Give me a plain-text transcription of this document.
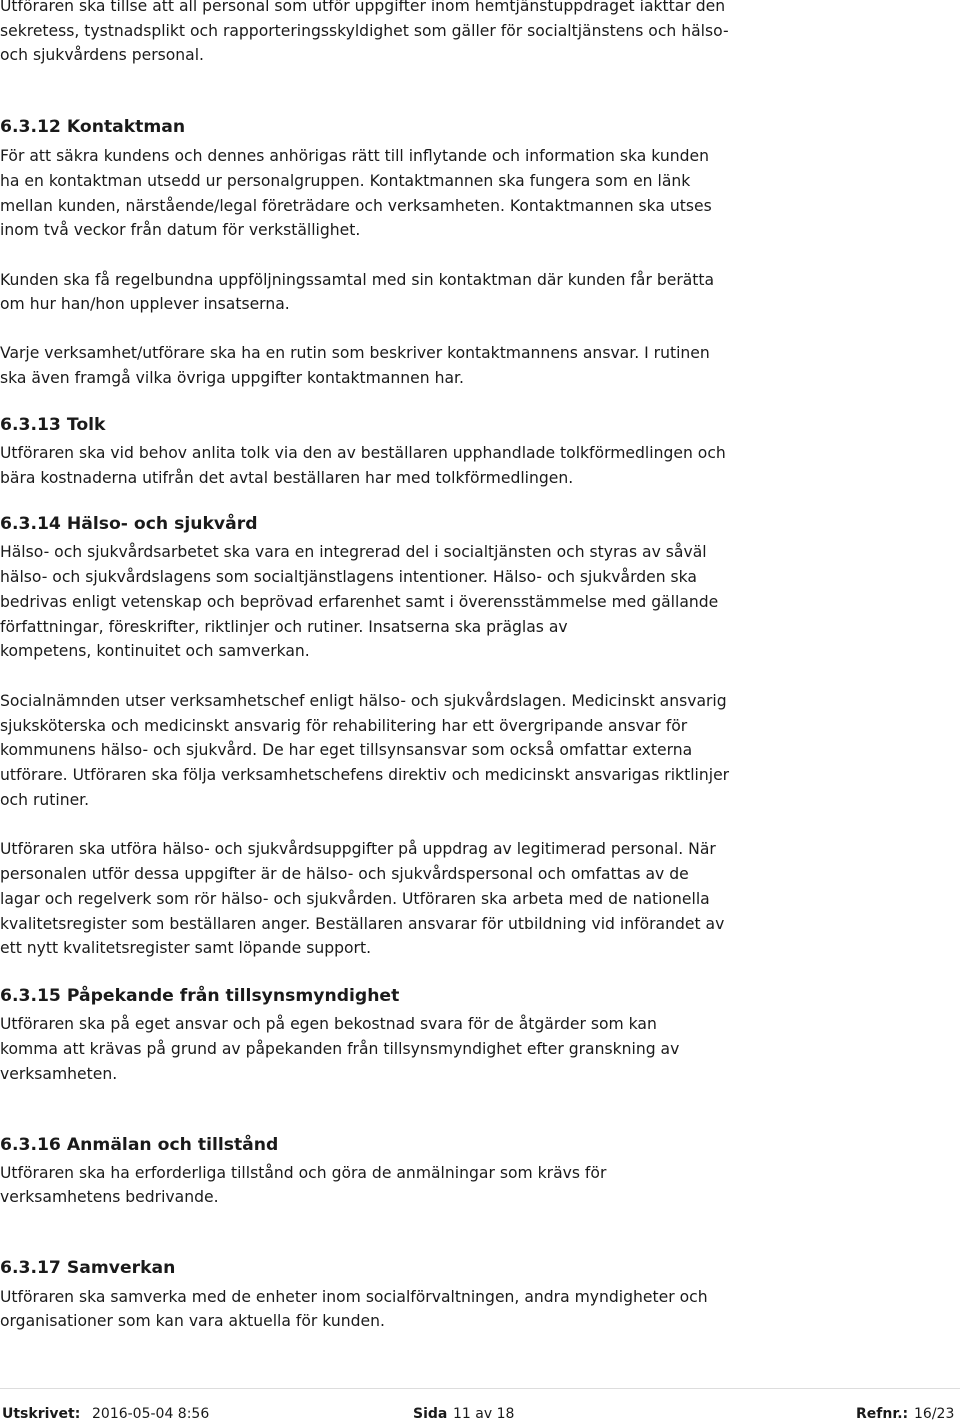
Utföraren ska tillse att all personal som utför uppgifter inom hemtjänstuppdraget iakttar den
sekretess, tystnadsplikt och rapporteringsskyldighet som gäller för socialtjänstens och hälso-
och sjukvårdens personal.
6.3.12 Kontaktman
För att säkra kundens och dennes anhörigas rätt till inflytande och information ska kunden
ha en kontaktman utsedd ur personalgruppen. Kontaktmannen ska fungera som en länk
mellan kunden, närstående/legal företrädare och verksamheten. Kontaktmannen ska utses
inom två veckor från datum för verkställighet.
Kunden ska få regelbundna uppföljningssamtal med sin kontaktman där kunden får berätta
om hur han/hon upplever insatserna.
Varje verksamhet/utförare ska ha en rutin som beskriver kontaktmannens ansvar. I rutinen
ska även framgå vilka övriga uppgifter kontaktmannen har.
6.3.13 Tolk
Utföraren ska vid behov anlita tolk via den av beställaren upphandlade tolkförmedlingen och
bära kostnaderna utifrån det avtal beställaren har med tolkförmedlingen.
6.3.14 Hälso- och sjukvård
Hälso- och sjukvårdsarbetet ska vara en integrerad del i socialtjänsten och styras av såväl
hälso- och sjukvårdslagens som socialtjänstlagens intentioner. Hälso- och sjukvården ska
bedrivas enligt vetenskap och beprövad erfarenhet samt i överensstämmelse med gällande
författningar, föreskrifter, riktlinjer och rutiner. Insatserna ska präglas av
kompetens, kontinuitet och samverkan.
Socialnämnden utser verksamhetschef enligt hälso- och sjukvårdslagen. Medicinskt ansvarig
sjuksköterska och medicinskt ansvarig för rehabilitering har ett övergripande ansvar för
kommunens hälso- och sjukvård. De har eget tillsynsansvar som också omfattar externa
utförare. Utföraren ska följa verksamhetschefens direktiv och medicinskt ansvarigas riktlinjer
och rutiner.
Utföraren ska utföra hälso- och sjukvårdsuppgifter på uppdrag av legitimerad personal. När
personalen utför dessa uppgifter är de hälso- och sjukvårdspersonal och omfattas av de
lagar och regelverk som rör hälso- och sjukvården. Utföraren ska arbeta med de nationella
kvalitetsregister som beställaren anger. Beställaren ansvarar för utbildning vid införandet av
ett nytt kvalitetsregister samt löpande support.
6.3.15 Påpekande från tillsynsmyndighet
Utföraren ska på eget ansvar och på egen bekostnad svara för de åtgärder som kan
komma att krävas på grund av påpekanden från tillsynsmyndighet efter granskning av
verksamheten.
6.3.16 Anmälan och tillstånd
Utföraren ska ha erforderliga tillstånd och göra de anmälningar som krävs för
verksamhetens bedrivande.
6.3.17 Samverkan
Utföraren ska samverka med de enheter inom socialförvaltningen, andra myndigheter och
organisationer som kan vara aktuella för kunden.
Utskrivet: 2016-05-04 8:56	Sida 11 av 18	Refnr.: 16/23
